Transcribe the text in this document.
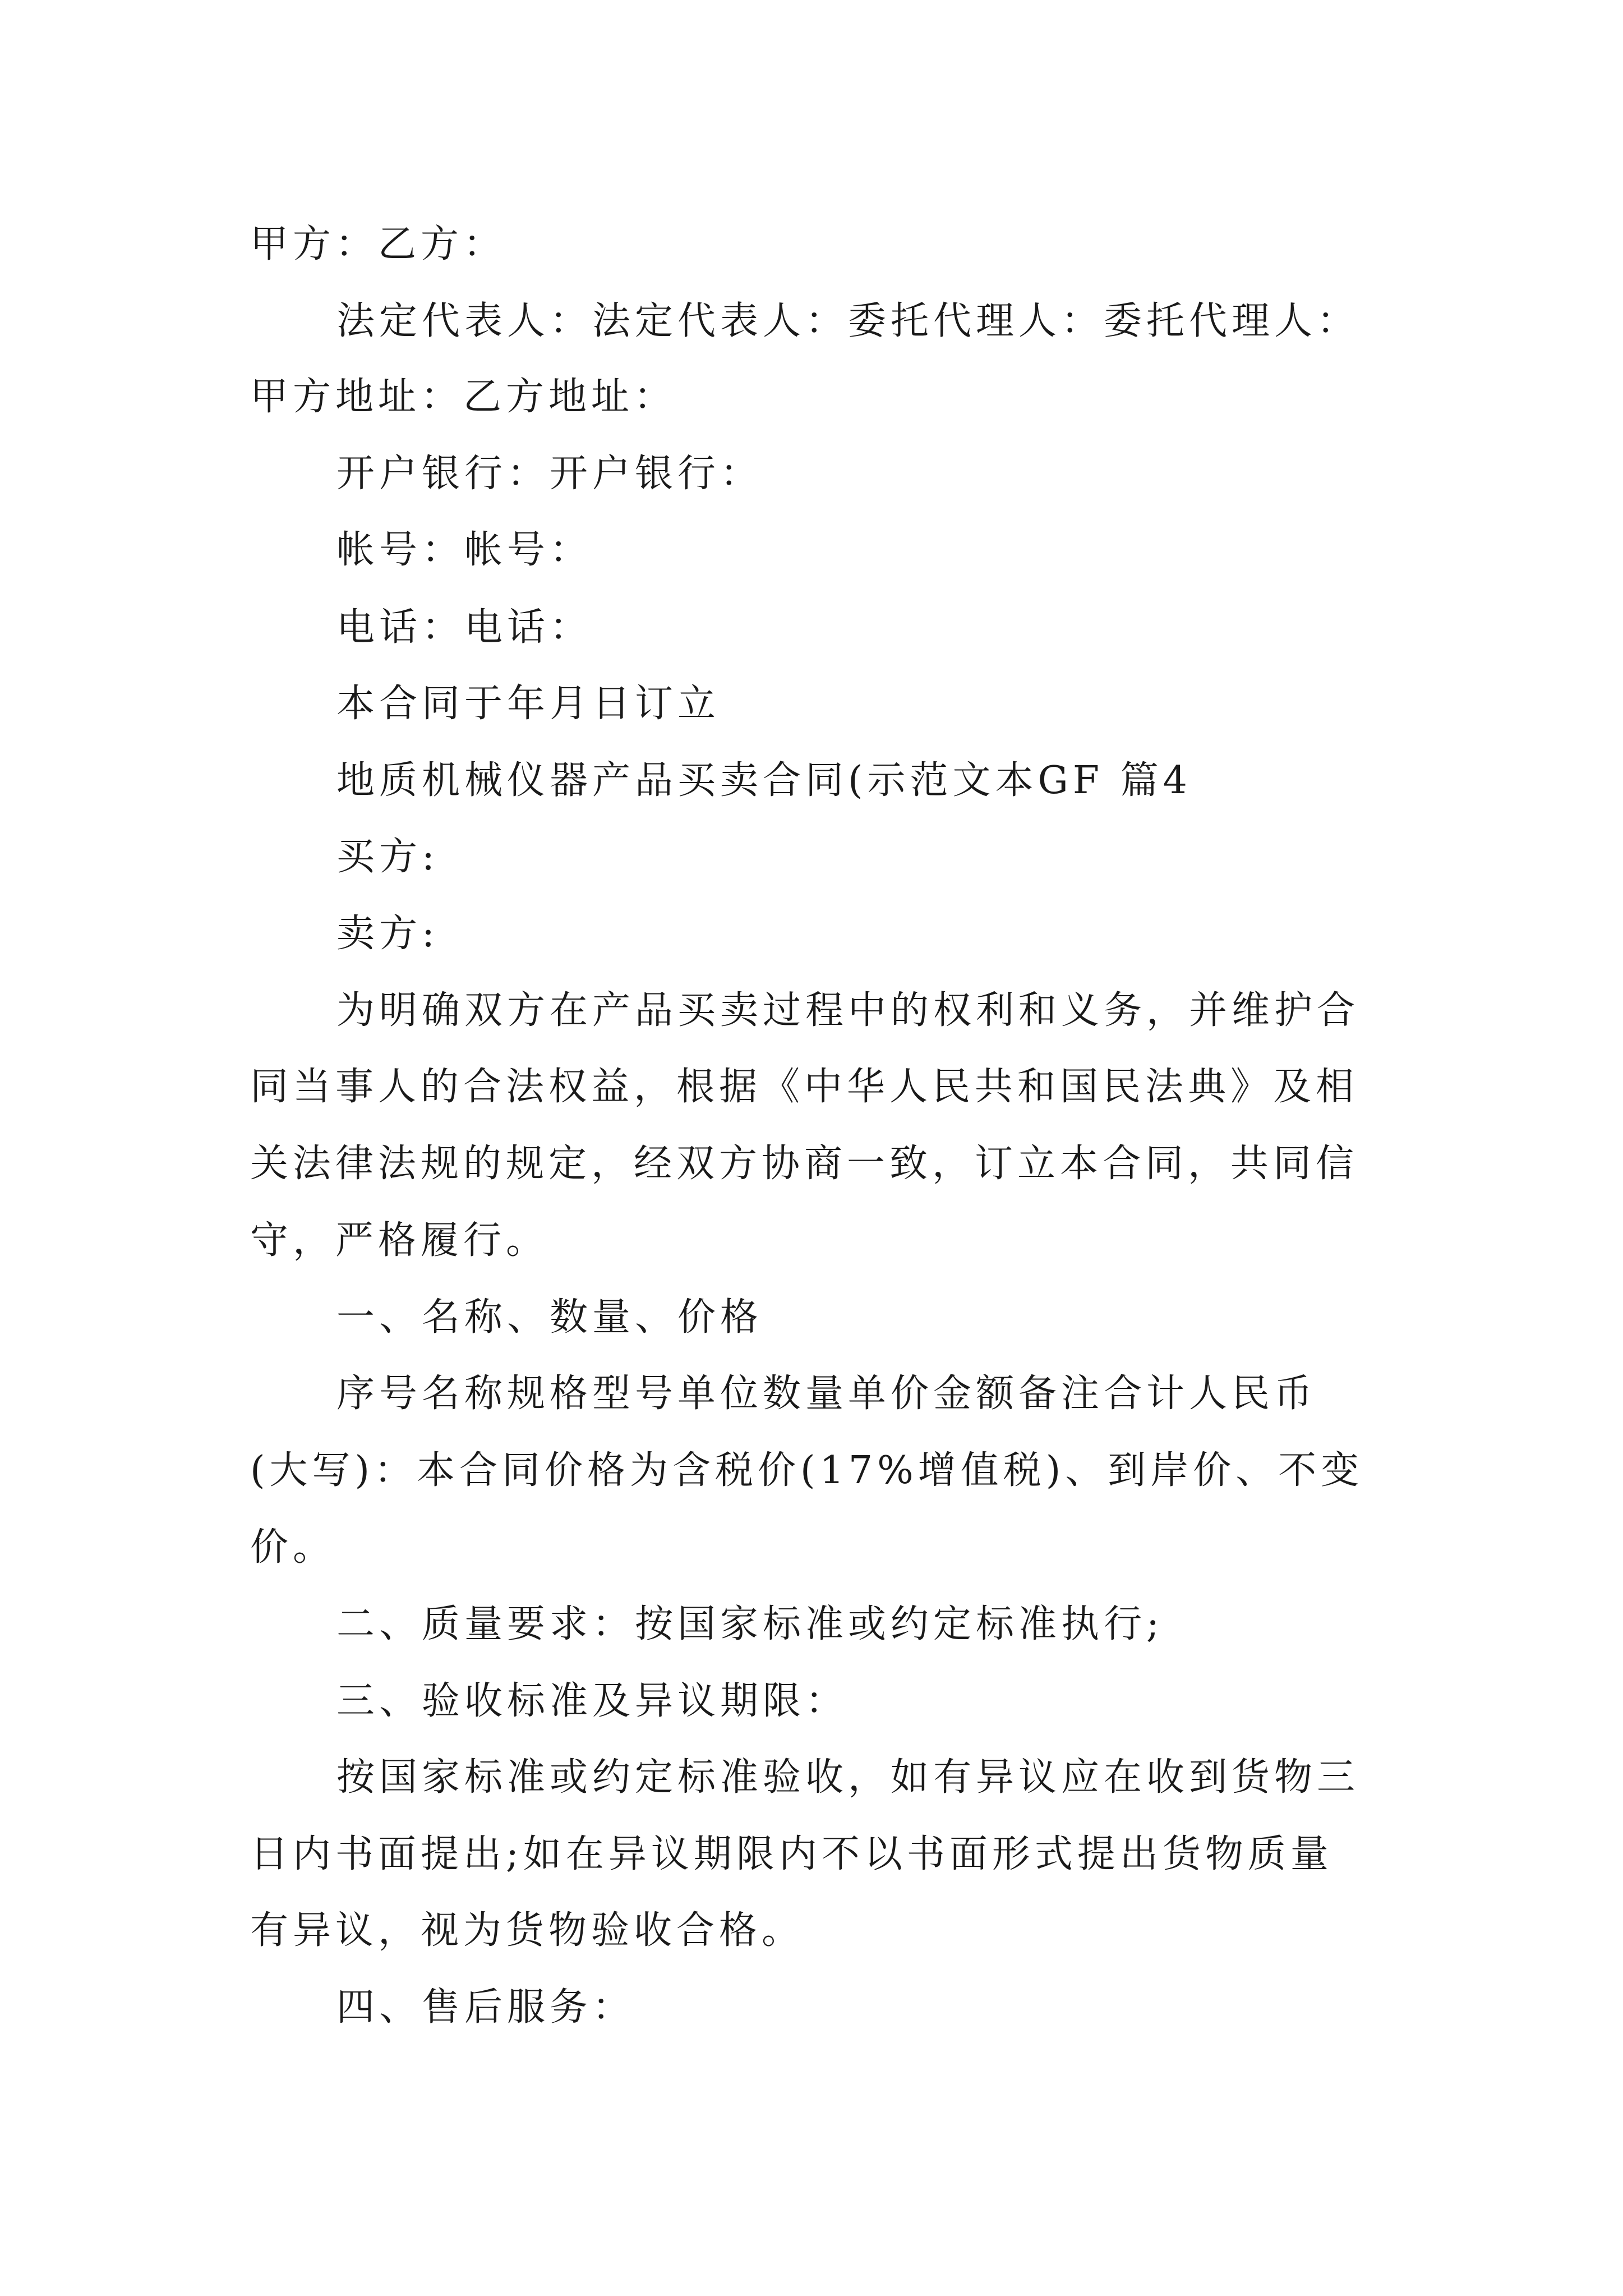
甲方：乙方：
法定代表人：法定代表人：委托代理人：委托代理人：
甲方地址：乙方地址：
开户银行：开户银行：
帐号：帐号：
电话：电话：
本合同于年月日订立
地质机械仪器产品买卖合同(示范文本GF 篇4
买方:
卖方:
为明确双方在产品买卖过程中的权利和义务，并维护合
同当事人的合法权益，根据《中华人民共和国民法典》及相
关法律法规的规定，经双方协商一致，订立本合同，共同信
守，严格履行。
一、名称、数量、价格
序号名称规格型号单位数量单价金额备注合计人民币
(大写)：本合同价格为含税价(17%增值税)、到岸价、不变
价。
二、质量要求：按国家标准或约定标准执行;
三、验收标准及异议期限：
按国家标准或约定标准验收，如有异议应在收到货物三
日内书面提出;如在异议期限内不以书面形式提出货物质量
有异议，视为货物验收合格。
四、售后服务：
